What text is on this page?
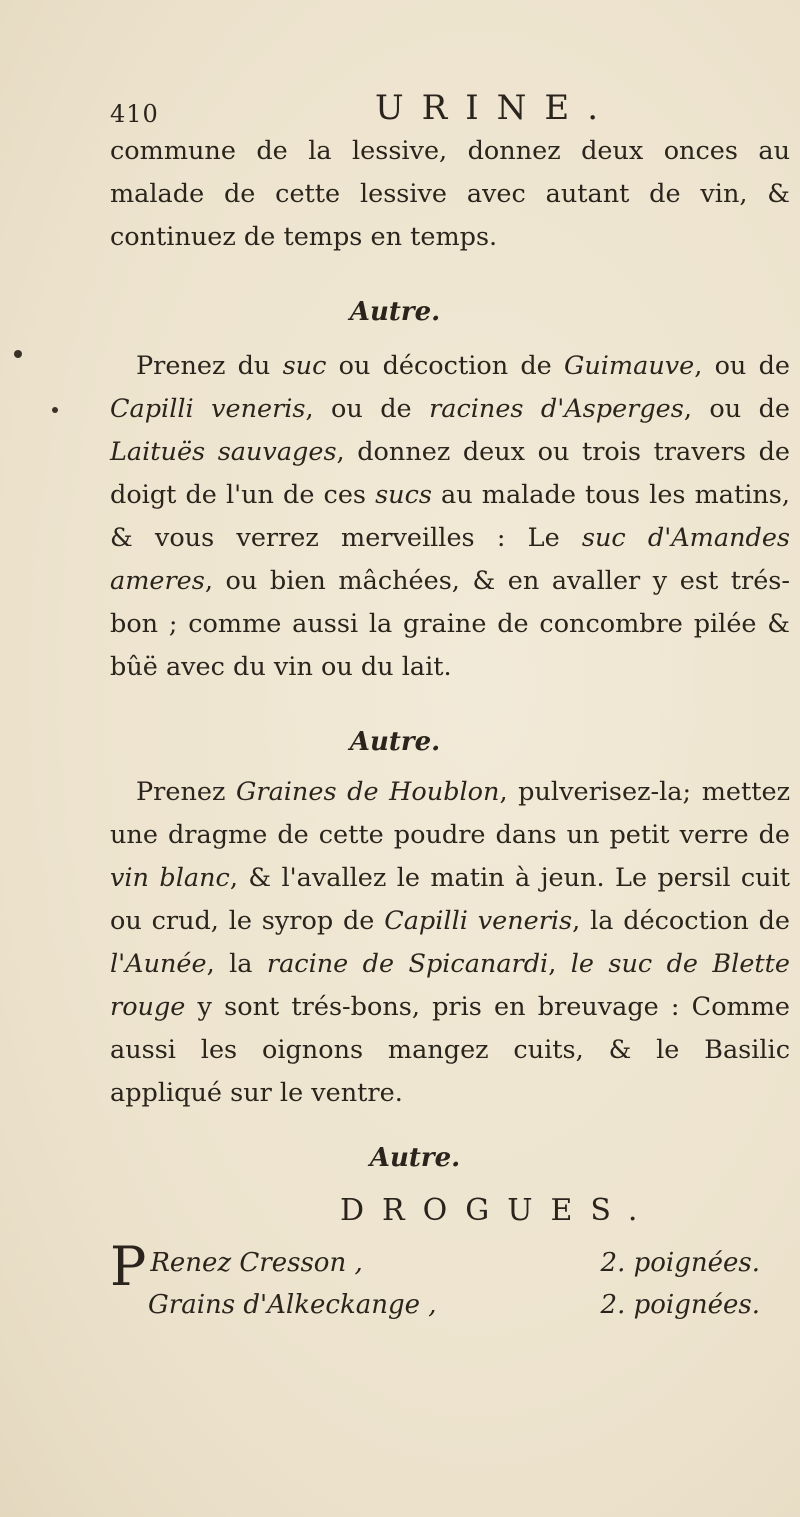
410	URINE.

commune de la lessive, donnez deux onces au malade de cette lessive avec autant de vin, & continuez de temps en temps.

Autre.

Prenez du suc ou décoction de Guimauve, ou de Capilli veneris, ou de racines d'Asperges, ou de Laituës sauvages, donnez deux ou trois travers de doigt de l'un de ces sucs au malade tous les matins, & vous verrez merveilles : Le suc d'Amandes ameres, ou bien mâchées, & en avaller y est trés-bon ; comme aussi la graine de concombre pilée & bûë avec du vin ou du lait.

Autre.

Prenez Graines de Houblon, pulverisez-la; mettez une dragme de cette poudre dans un petit verre de vin blanc, & l'avallez le matin à jeun. Le persil cuit ou crud, le syrop de Capilli veneris, la décoction de l'Aunée, la racine de Spicanardi, le suc de Blette rouge y sont trés-bons, pris en breuvage : Comme aussi les oignons mangez cuits, & le Basilic appliqué sur le ventre.

Autre.

DROGUES.

P Renez Cresson ,	2. poignées.
Grains d'Alkeckange ,	2. poignées.
